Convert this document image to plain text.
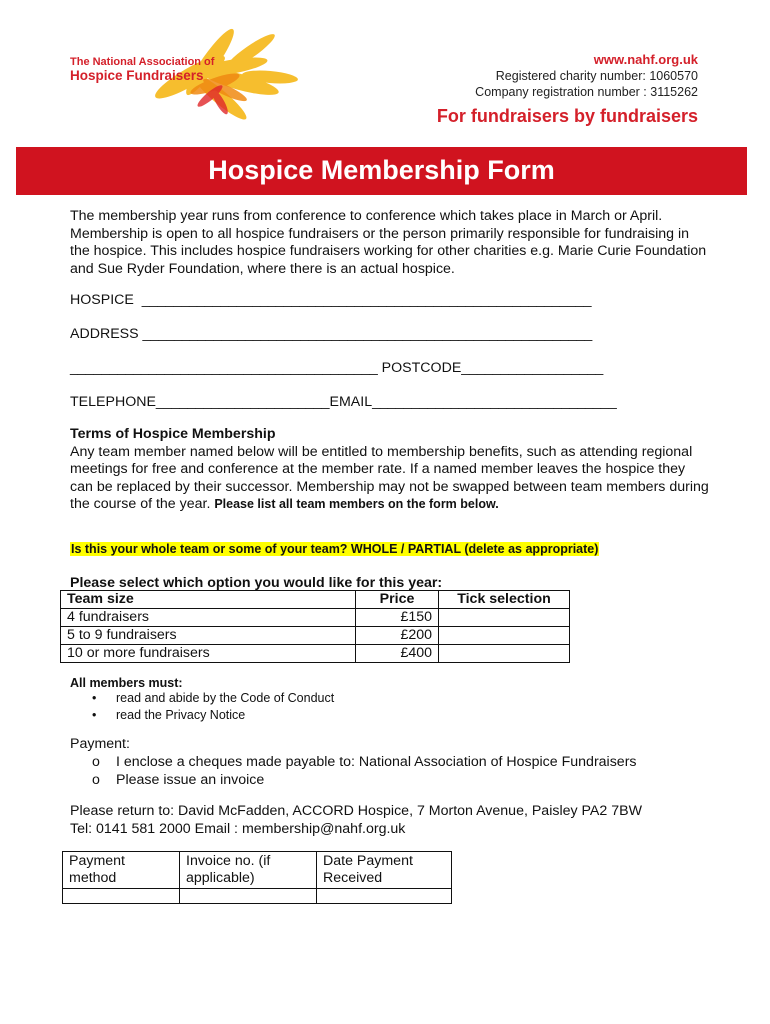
The National Association of
Hospice Fundraisers
www.nahf.org.uk
Registered charity number: 1060570
Company registration number : 3115262
For fundraisers by fundraisers
Hospice Membership Form
The membership year runs from conference to conference which takes place in March or April. Membership is open to all hospice fundraisers or the person primarily responsible for fundraising in the hospice. This includes hospice fundraisers working for other charities e.g. Marie Curie Foundation and Sue Ryder Foundation, where there is an actual hospice.
HOSPICE  _________________________________________________________
ADDRESS _________________________________________________________
_______________________________________ POSTCODE__________________
TELEPHONE______________________EMAIL_______________________________
Terms of Hospice Membership
Any team member named below will be entitled to membership benefits, such as attending regional meetings for free and conference at the member rate. If a named member leaves the hospice they can be replaced by their successor. Membership may not be swapped between team members during the course of the year. Please list all team members on the form below.
Is this your whole team or some of your team? WHOLE / PARTIAL (delete as appropriate)
Please select which option you would like for this year:
Team size	Price	Tick selection
4 fundraisers	£150	
5 to 9 fundraisers	£200	
10 or more fundraisers	£400	
All members must:
• read and abide by the Code of Conduct
• read the Privacy Notice
Payment:
o I enclose a cheques made payable to: National Association of Hospice Fundraisers
o Please issue an invoice
Please return to: David McFadden, ACCORD Hospice, 7 Morton Avenue, Paisley PA2 7BW
Tel: 0141 581 2000 Email : membership@nahf.org.uk
Payment method	Invoice no. (if applicable)	Date Payment Received
